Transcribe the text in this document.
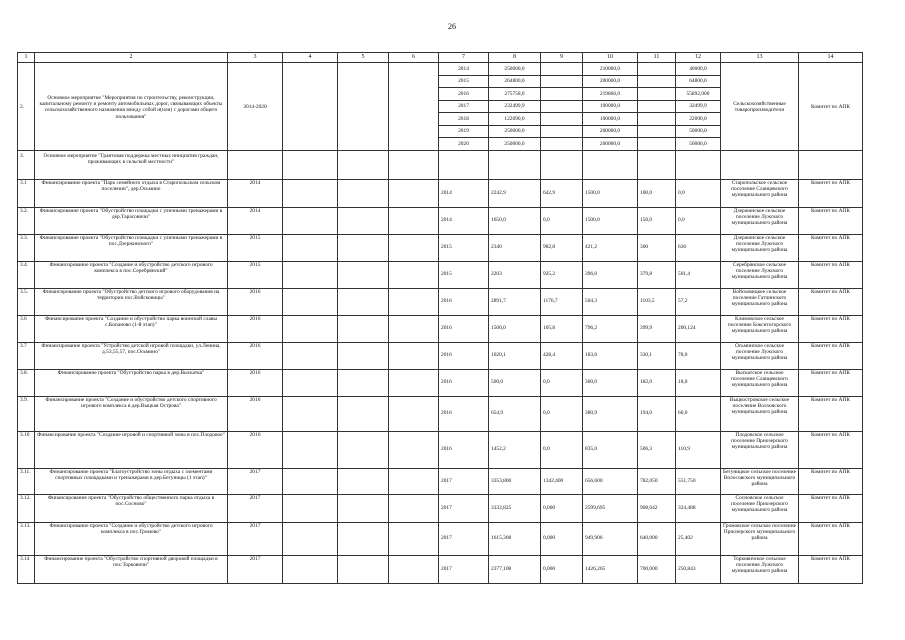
26
1	2	3	4	5	6	7	8	9	10	11	12	13	14
2.	Основное мероприятие "Мероприятия по строительству, реконструкции, капитальному ремонту и ремонту автомобильных дорог, связывающих объекты сельскохозяйственного назначения между собой и(или) с дорогами общего пользования"	2014-2020				2014	250000,0		210000,0		40000,0	Сельскохозяйственные товаропроизводители	Комитет по АПК
						2015	264800,0		200000,0		64800,0		
						2016	275758,0		219866,0		55892,000		
						2017	232499,9		190000,0		32499,9		
						2018	122090,0		100000,0		22090,0		
						2019	250000,0		200000,0		50000,0		
						2020	250000,0		200000,0		50000,0		
3.	Основное мероприятие "Грантовая поддержка местных инициатив граждан, проживающих в сельской местности"												
3.1	Финансирование проекта "Парк семейного отдыха в Старопольском сельском поселении", дер.Осьмино	2014				2014	2242,9	642,9	1500,0	100,0	0,0	Старопольское сельское поселение Сланцевского муниципального района	Комитет по АПК
3.2.	Финансирование проекта "Обустройство площадки с уличными тренажерами в дер.Тарасовичи"	2014				2014	1650,0	0,0	1500,0	150,0	0,0	Дзержинское сельское поселение Лужского муниципального района	Комитет по АПК
3.3.	Финансирование проекта "Обустройство площадки с уличными тренажерами в пос.Дзержинского"	2015				2015	2340	982,8	421,2	300	636	Дзержинское сельское поселение Лужского муниципального района	Комитет по АПК
3.4.	Финансирование проекта "Создание и обустройство детского игрового комплекса в пос.Серебрянский"	2015				2015	2203	925,2	396,0	379,8	501,4	Серебрянское сельское поселение Лужского муниципального района	Комитет по АПК
3.5.	Финансирование проекта "Обустройство детского игрового оборудования на территории пос.Войсковицы"	2016				2016	2891,7	1176,7	504,3	1103,5	57,2	Войсковицкое сельское поселение Гатчинского муниципального района	Комитет по АПК
3.6	Финансирование проекта "Создание и обустройство парка воинской славы с.Копаново (1-й этап)"	2016				2016	1500,0	105,8	796,2	399,9	200,124	Климовское сельское поселение Бокситогорского муниципального района	Комитет по АПК
3.7	Финансирование проекта "Устройство детской игровой площадки, ул.Ленина, д.53,55,57, пос.Осьмино"	2016				2016	1020,1	428,4	183,6	330,1	78,0	Осьминское сельское поселение Лужского муниципального района	Комитет по АПК
3.8.	Финансирование проекта "Обустройство парка в дер.Выскатка"	2016				2016	500,0	0,0	300,0	182,0	18,0	Выскатское сельское поселение Сланцевского муниципального района	Комитет по АПК
3.9.	Финансирование проекта "Создание и обустройство детского спортивного игрового комплекса в дер.Выцкая Острова"	2016				2016	654,9	0,0	380,9	194,0	60,0	Выцкостровское сельское поселение Волховского муниципального района	Комитет по АПК
3.10	Финансирование проекта "Создание игровой и спортивной зоны в пос.Плодовое"	2016				2016	1452,2	0,0	835,0	506,3	110,9	Плодовское сельское поселение Приозерского муниципального района	Комитет по АПК
3.11.	Финансирование проекта "Благоустройство зоны отдыха с элементами спортивных площадками и тренажерами в дер.Бегуницы (1 этап)"	2017				2017	3353,800	1342,400	656,600	782,050	551,750	Бегуницкое сельское поселение Волосовского муниципального района	Комитет по АПК
3.12.	Финансирование проекта "Обустройство общественного парка отдыха в пос.Сосново"	2017				2017	3332,825	0,000	2599,695	908,642	324,488	Сосновское сельское поселение Приозерского муниципального района	Комитет по АПК
3.13.	Финансирование проекта "Создание и обустройство детского игрового комплекса в пос.Громово"	2017				2017	1615,308	0,000	949,906	640,000	25,402	Громовское сельское поселение Приозерского муниципального района	Комитет по АПК
3.14	Финансирование проекта "Обустройство спортивной дворовой площадки в пос.Торковичи"	2017				2017	2377,108	0,000	1426,265	700,000	250,843	Торковичское сельское поселение Лужского муниципального района	Комитет по АПК
